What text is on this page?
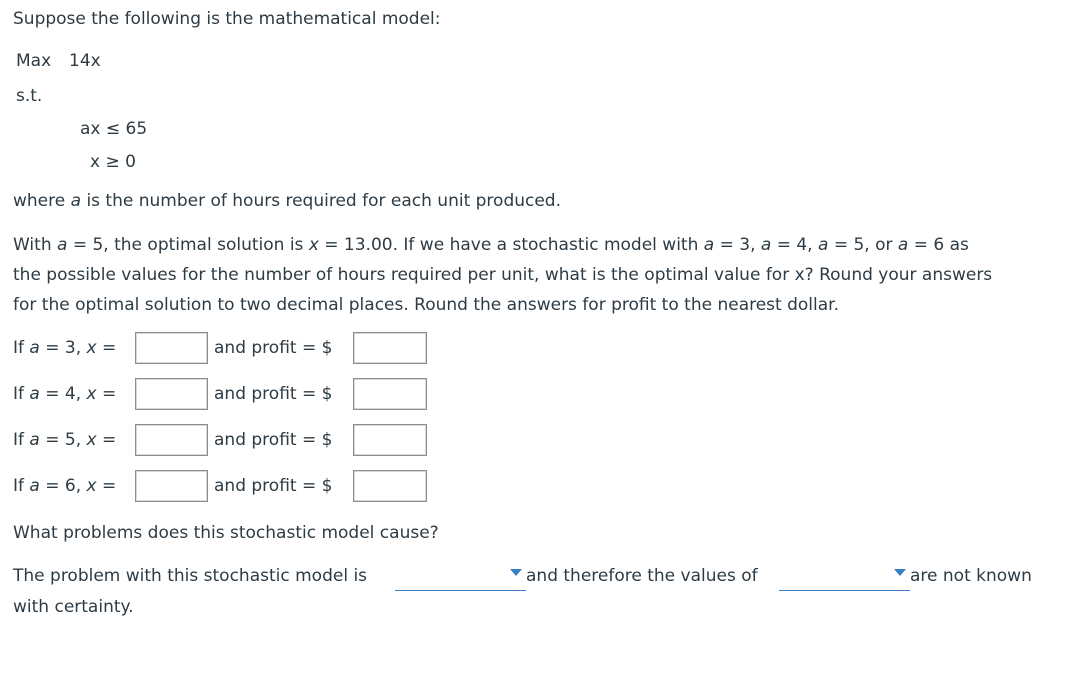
Suppose the following is the mathematical model:
Max 14x
s.t.
ax ≤ 65
x ≥ 0
where a is the number of hours required for each unit produced.
With a = 5, the optimal solution is x = 13.00. If we have a stochastic model with a = 3, a = 4, a = 5, or a = 6 as
the possible values for the number of hours required per unit, what is the optimal value for x? Round your answers
for the optimal solution to two decimal places. Round the answers for profit to the nearest dollar.
If a = 3, x =	and profit = $
If a = 4, x =	and profit = $
If a = 5, x =	and profit = $
If a = 6, x =	and profit = $
What problems does this stochastic model cause?
The problem with this stochastic model is	and therefore the values of	are not known
with certainty.
